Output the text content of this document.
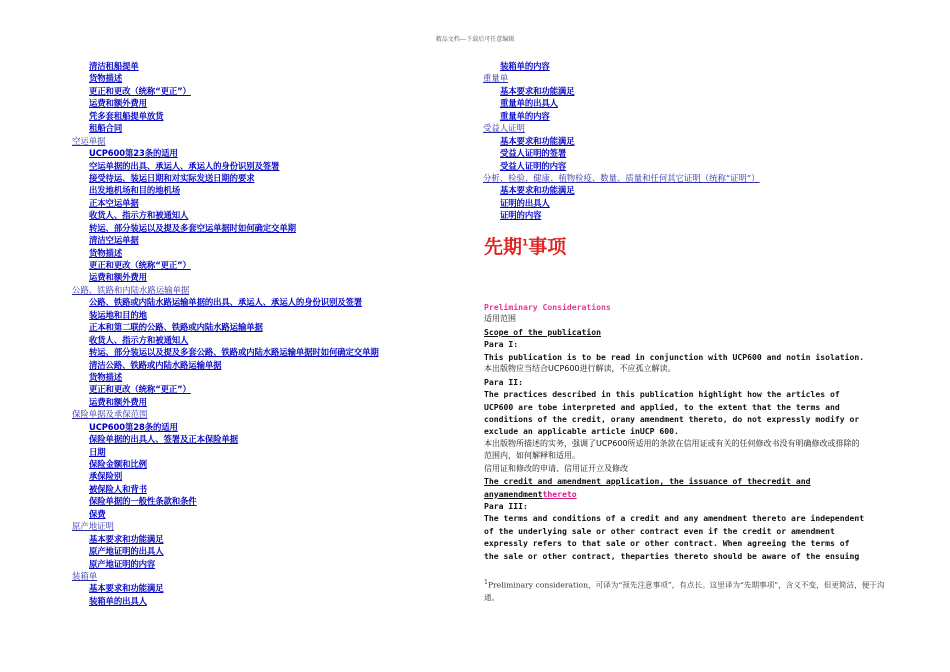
精品文档---下载后可任意编辑
清洁租船提单
货物描述
更正和更改（统称“更正”）
运费和额外费用
凭多套租船提单放货
租船合同
空运单据
UCP600第23条的适用
空运单据的出具、承运人、承运人的身份识别及签署
接受待运、装运日期和对实际发送日期的要求
出发地机场和目的地机场
正本空运单据
收货人、指示方和被通知人
转运、部分装运以及提及多套空运单据时如何确定交单期
清洁空运单据
货物描述
更正和更改（统称“更正”）
运费和额外费用
公路、铁路和内陆水路运输单据
公路、铁路或内陆水路运输单据的出具、承运人、承运人的身份识别及签署
装运地和目的地
正本和第二联的公路、铁路或内陆水路运输单据
收货人、指示方和被通知人
转运、部分装运以及提及多套公路、铁路或内陆水路运输单据时如何确定交单期
清洁公路、铁路或内陆水路运输单据
货物描述
更正和更改（统称“更正”）
运费和额外费用
保险单据及承保范围
UCP600第28条的适用
保险单据的出具人、签署及正本保险单据
日期
保险金额和比例
承保险别
被保险人和背书
保险单据的一般性条款和条件
保费
原产地证明
基本要求和功能满足
原产地证明的出具人
原产地证明的内容
装箱单
基本要求和功能满足
装箱单的出具人
装箱单的内容
重量单
基本要求和功能满足
重量单的出具人
重量单的内容
受益人证明
基本要求和功能满足
受益人证明的签署
受益人证明的内容
分析、检验、健康、植物检疫、数量、质量和任何其它证明（统称“证明”）
基本要求和功能满足
证明的出具人
证明的内容
先期$^1$事项
Preliminary Considerations
适用范围
Scope of the publication
Para I:
This publication is to be read in conjunction with UCP600 and notin isolation.
本出版物应当结合UCP600进行解读，不应孤立解读。
Para II:
The practices described in this publication highlight how the articles of
UCP600 are tobe interpreted and applied, to the extent that the terms and
conditions of the credit, orany amendment thereto, do not expressly modify or
exclude an applicable article inUCP 600.
本出版物所描述的实务，强调了UCP600所适用的条款在信用证或有关的任何修改书没有明确修改或排除的
范围内，如何解释和适用。
信用证和修改的申请、信用证开立及修改
The credit and amendment application, the issuance of thecredit and
anyamendmentthereto
Para III:
The terms and conditions of a credit and any amendment thereto are independent
of the underlying sale or other contract even if the credit or amendment
expressly refers to that sale or other contract. When agreeing the terms of
the sale or other contract, theparties thereto should be aware of the ensuing
$^1$Preliminary consideration，可译为“预先注意事项”，有点长。这里译为“先期事项”，含义不变，但更简洁，便于沟通。
